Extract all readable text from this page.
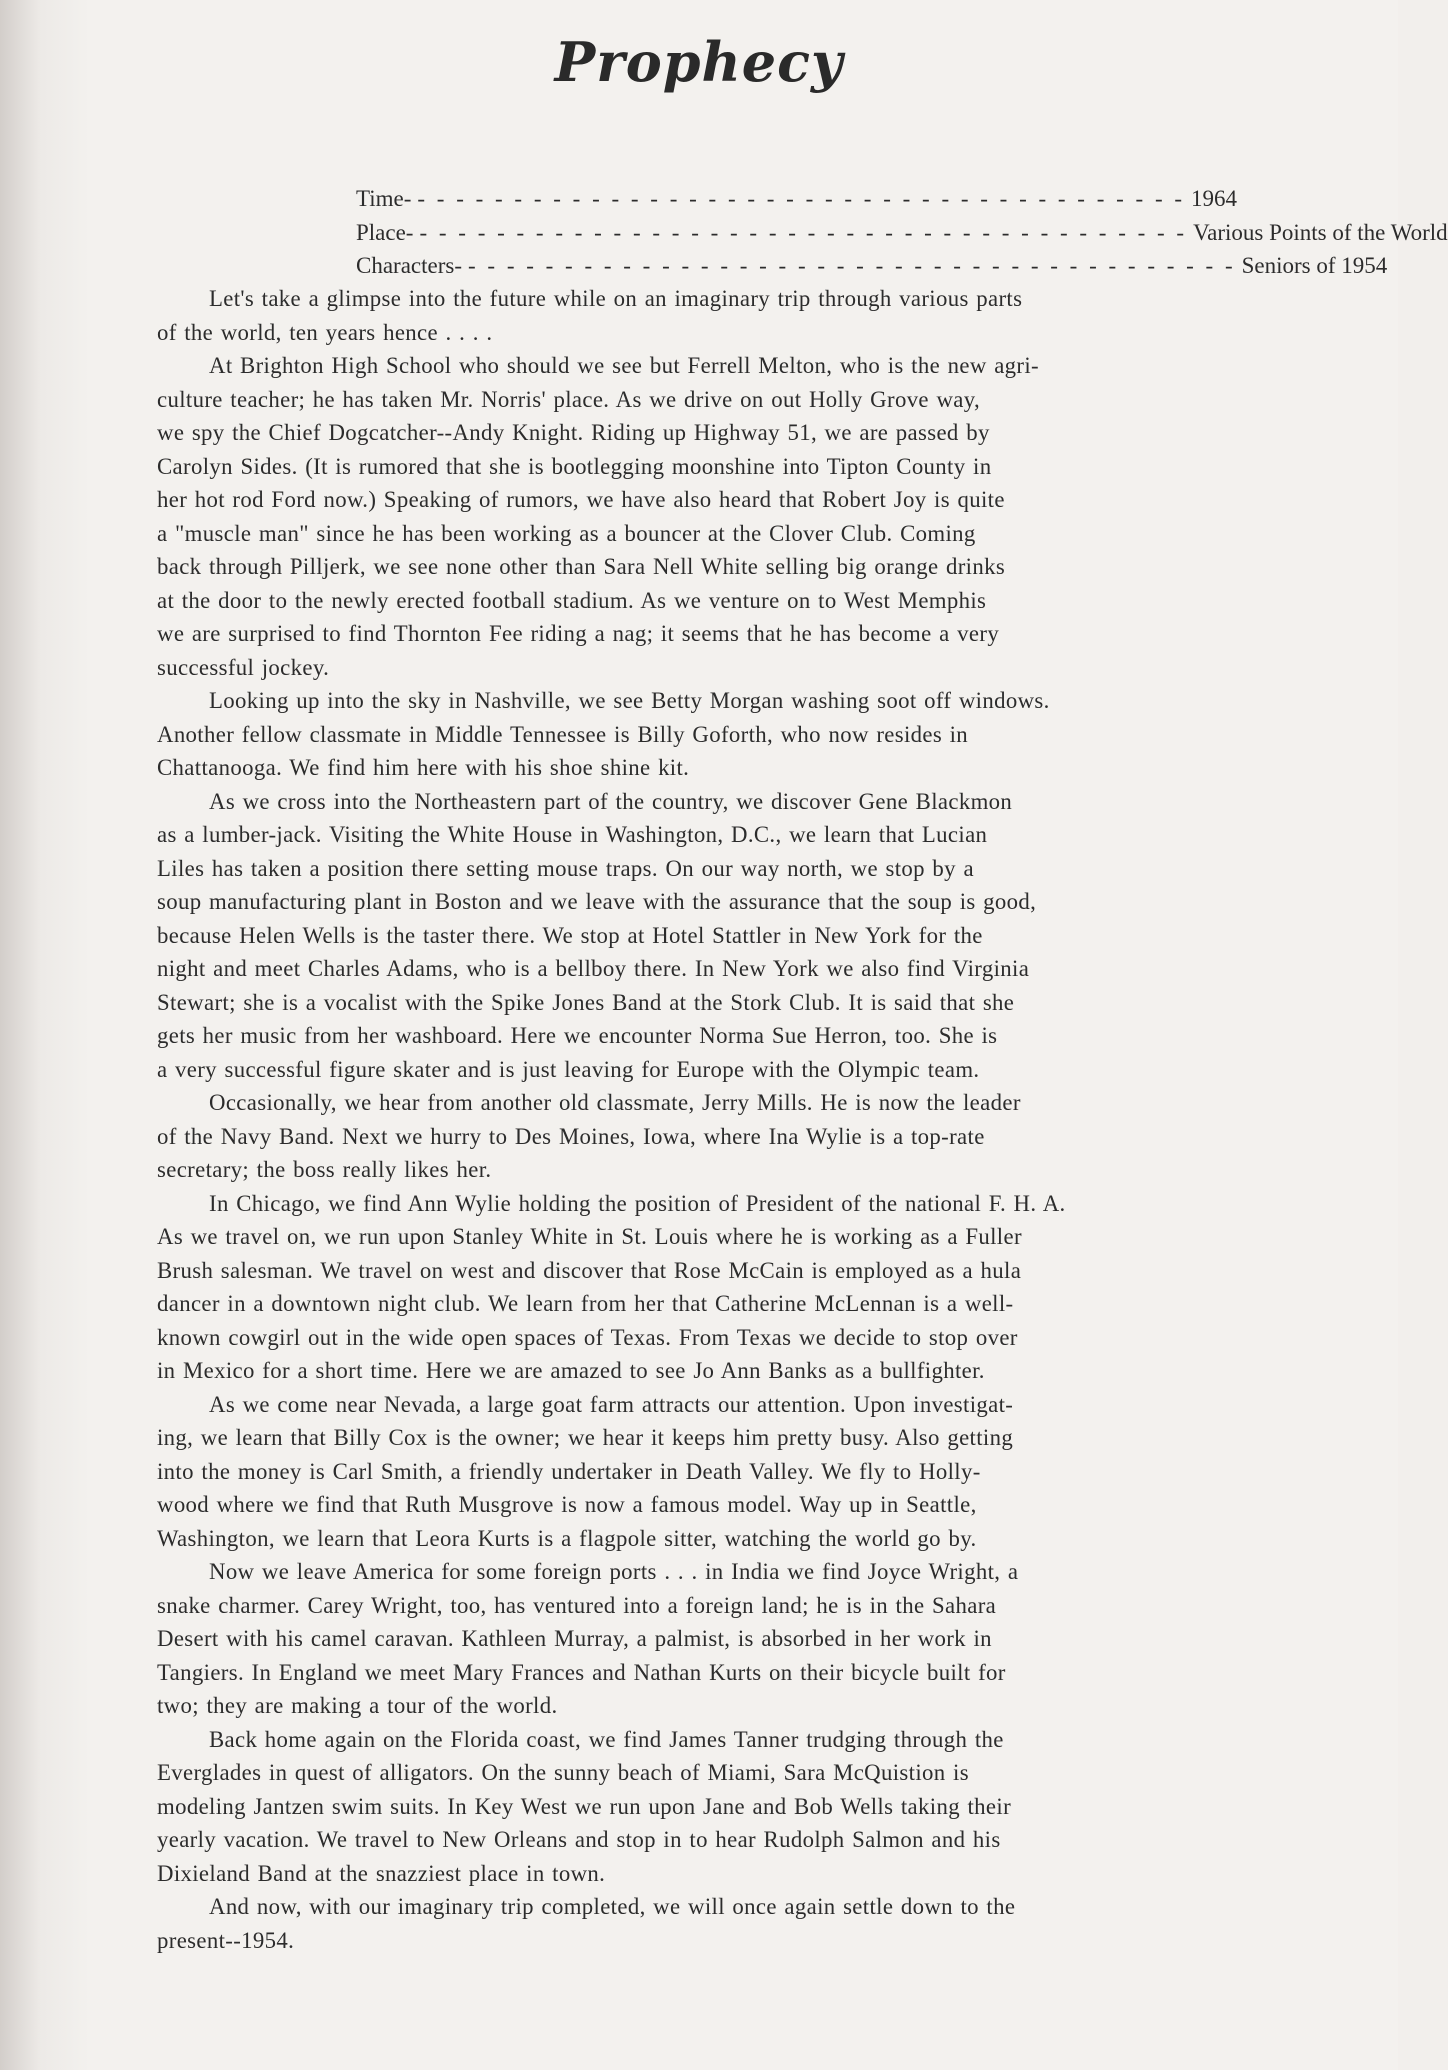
Prophecy
Time- - - - - - - - - - - - - - - - - - - - - - - - - - - - - - - - - - - - - - - - - 1964
Place- - - - - - - - - - - - - - - - - - - - - - - - - - - - - - - - - - - - - - - - - Various Points of the World
Characters- - - - - - - - - - - - - - - - - - - - - - - - - - - - - - - - - - - - - - - - - Seniors of 1954
Let's take a glimpse into the future while on an imaginary trip through various parts
of the world, ten years hence . . . .
At Brighton High School who should we see but Ferrell Melton, who is the new agri-
culture teacher; he has taken Mr. Norris' place. As we drive on out Holly Grove way,
we spy the Chief Dogcatcher--Andy Knight. Riding up Highway 51, we are passed by
Carolyn Sides. (It is rumored that she is bootlegging moonshine into Tipton County in
her hot rod Ford now.) Speaking of rumors, we have also heard that Robert Joy is quite
a "muscle man" since he has been working as a bouncer at the Clover Club. Coming
back through Pilljerk, we see none other than Sara Nell White selling big orange drinks
at the door to the newly erected football stadium. As we venture on to West Memphis
we are surprised to find Thornton Fee riding a nag; it seems that he has become a very
successful jockey.
Looking up into the sky in Nashville, we see Betty Morgan washing soot off windows.
Another fellow classmate in Middle Tennessee is Billy Goforth, who now resides in
Chattanooga. We find him here with his shoe shine kit.
As we cross into the Northeastern part of the country, we discover Gene Blackmon
as a lumber-jack. Visiting the White House in Washington, D.C., we learn that Lucian
Liles has taken a position there setting mouse traps. On our way north, we stop by a
soup manufacturing plant in Boston and we leave with the assurance that the soup is good,
because Helen Wells is the taster there. We stop at Hotel Stattler in New York for the
night and meet Charles Adams, who is a bellboy there. In New York we also find Virginia
Stewart; she is a vocalist with the Spike Jones Band at the Stork Club. It is said that she
gets her music from her washboard. Here we encounter Norma Sue Herron, too. She is
a very successful figure skater and is just leaving for Europe with the Olympic team.
Occasionally, we hear from another old classmate, Jerry Mills. He is now the leader
of the Navy Band. Next we hurry to Des Moines, Iowa, where Ina Wylie is a top-rate
secretary; the boss really likes her.
In Chicago, we find Ann Wylie holding the position of President of the national F. H. A.
As we travel on, we run upon Stanley White in St. Louis where he is working as a Fuller
Brush salesman. We travel on west and discover that Rose McCain is employed as a hula
dancer in a downtown night club. We learn from her that Catherine McLennan is a well-
known cowgirl out in the wide open spaces of Texas. From Texas we decide to stop over
in Mexico for a short time. Here we are amazed to see Jo Ann Banks as a bullfighter.
As we come near Nevada, a large goat farm attracts our attention. Upon investigat-
ing, we learn that Billy Cox is the owner; we hear it keeps him pretty busy. Also getting
into the money is Carl Smith, a friendly undertaker in Death Valley. We fly to Holly-
wood where we find that Ruth Musgrove is now a famous model. Way up in Seattle,
Washington, we learn that Leora Kurts is a flagpole sitter, watching the world go by.
Now we leave America for some foreign ports . . . in India we find Joyce Wright, a
snake charmer. Carey Wright, too, has ventured into a foreign land; he is in the Sahara
Desert with his camel caravan. Kathleen Murray, a palmist, is absorbed in her work in
Tangiers. In England we meet Mary Frances and Nathan Kurts on their bicycle built for
two; they are making a tour of the world.
Back home again on the Florida coast, we find James Tanner trudging through the
Everglades in quest of alligators. On the sunny beach of Miami, Sara McQuistion is
modeling Jantzen swim suits. In Key West we run upon Jane and Bob Wells taking their
yearly vacation. We travel to New Orleans and stop in to hear Rudolph Salmon and his
Dixieland Band at the snazziest place in town.
And now, with our imaginary trip completed, we will once again settle down to the
present--1954.
